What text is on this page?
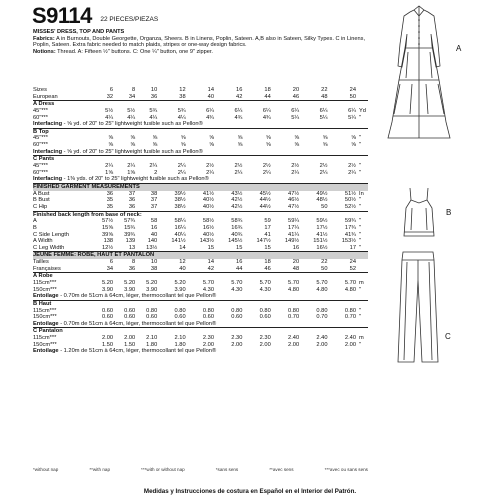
S9114 22 PIECES/PIEZAS
MISSES' DRESS, TOP AND PANTS
Fabrics: A in Burnouts, Double Georgette, Organza, Sheers. B in Linens, Poplin, Sateen. A,B also in Sateen, Silky Types. C in Linens, Poplin, Sateen. Extra fabric needed to match plaids, stripes or one-way design fabrics.
Notions: Thread. A: Fifteen ½" buttons. C: One ¼" button, one 9" zipper.
Sizes	6	8	10	12	14	16	18	20	22	24	
European	32	34	36	38	40	42	44	46	48	50	
A Dress											
45"***	5½	5½	5¾	5¾	6¼	6¼	6¼	6¼	6¼	6¼	Yd
60"***	4¼	4¼	4¼	4¼	4¾	4¾	4¾	5¼	5¼	5¼	"
Interfacing - ⅝ yd. of 20" to 25" lightweight fusible such as Pellon®											
B Top											
45"***	⅝	⅝	⅝	⅝	⅝	⅝	⅝	⅝	⅝	⅝	"
60"***	⅝	⅝	⅝	⅝	⅝	⅝	⅝	⅝	⅝	⅝	"
Interfacing - ⅝ yd. of 20" to 25" lightweight fusible such as Pellon®											
C Pants											
45"***	2¼	2¼	2¼	2¼	2½	2½	2½	2½	2½	2½	"
60"***	1⅝	1⅝	2	2¼	2¼	2¼	2¼	2¼	2¼	2¼	"
Interfacing - 1⅜ yds. of 20" to 25" lightweight fusible such as Pellon®											
FINISHED GARMENT MEASUREMENTS											
A Bust	36	37	38	39½	41½	43½	45½	47½	49½	51½	In
B Bust	35	36	37	38½	40½	42½	44½	46½	48½	50½	"
C Hip	35	36	37	38½	40½	42½	44½	47½	50	52½	"
Finished back length from base of neck:											
A	57½	57¾	58	58¼	58½	58¾	59	59¼	59½	59¾	"
B	15⅝	15¾	16	16¼	16½	16¾	17	17¼	17½	17¾	"
C Side Length	39⅝	39¾	40	40¼	40½	40¾	41	41¼	41½	41¾	"
A Width	138	139	140	141½	143½	145½	147½	149½	151½	153½	"
C Leg Width	12½	13	13½	14	15	15	15	16	16½	17	"
JEUNE FEMME: ROBE, HAUT ET PANTALON											
Tailles	6	8	10	12	14	16	18	20	22	24	
Françaises	34	36	38	40	42	44	46	48	50	52	
A Robe											
115cm***	5.20	5.20	5.20	5.20	5.70	5.70	5.70	5.70	5.70	5.70	m
150cm***	3.90	3.90	3.90	3.90	4.30	4.30	4.30	4.80	4.80	4.80	"
Entoilage - 0.70m de 51cm à 64cm, léger, thermocollant tel que Pellon®											
B Haut											
115cm***	0.60	0.60	0.80	0.80	0.80	0.80	0.80	0.80	0.80	0.80	"
150cm***	0.60	0.60	0.60	0.60	0.60	0.60	0.60	0.70	0.70	0.70	"
Entoilage - 0.70m de 51cm à 64cm, léger, thermocollant tel que Pellon®											
C Pantalon											
115cm***	2.00	2.00	2.10	2.10	2.30	2.30	2.30	2.40	2.40	2.40	m
150cm***	1.50	1.50	1.80	1.80	2.00	2.00	2.00	2.00	2.00	2.00	"
Entoilage - 1.20m de 51cm à 64cm, léger, thermocollant tel que Pellon®											
*without nap	**with nap	***with or without nap	*sans sens	**avec sens	***avec ou sans sens
Medidas y Instrucciones de costura en Español en el Interior del Patrón.
A
B
C
